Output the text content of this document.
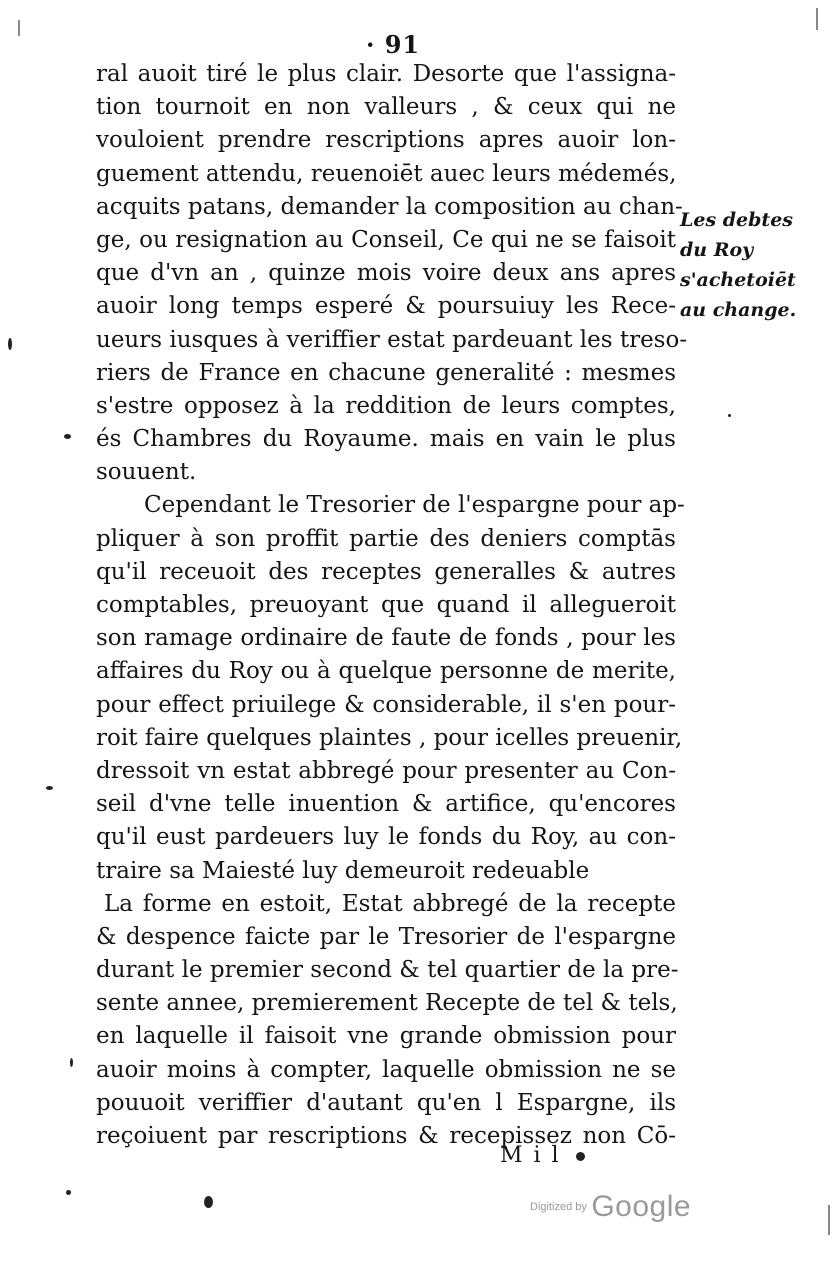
· 91
ral auoit tiré le plus clair. Desorte que l'assigna-
tion tournoit en non valleurs , & ceux qui ne
vouloient prendre rescriptions apres auoir lon-
guement attendu, reuenoiēt auec leurs médemés,
acquits patans, demander la composition au chan-
ge, ou resignation au Conseil, Ce qui ne se faisoit
que d'vn an , quinze mois voire deux ans apres
auoir long temps esperé & poursuiuy les Rece-
ueurs iusques à veriffier estat pardeuant les treso-
riers de France en chacune generalité : mesmes
s'estre opposez à la reddition de leurs comptes,
és Chambres du Royaume. mais en vain le plus
souuent.
Cependant le Tresorier de l'espargne pour ap-
pliquer à son proffit partie des deniers comptās
qu'il receuoit des receptes generalles & autres
comptables, preuoyant que quand il allegueroit
son ramage ordinaire de faute de fonds , pour les
affaires du Roy ou à quelque personne de merite,
pour effect priuilege & considerable, il s'en pour-
roit faire quelques plaintes , pour icelles preuenir,
dressoit vn estat abbregé pour presenter au Con-
seil d'vne telle inuention & artifice, qu'encores
qu'il eust pardeuers luy le fonds du Roy, au con-
traire sa Maiesté luy demeuroit redeuable
La forme en estoit, Estat abbregé de la recepte
& despence faicte par le Tresorier de l'espargne
durant le premier second & tel quartier de la pre-
sente annee, premierement Recepte de tel & tels,
en laquelle il faisoit vne grande obmission pour
auoir moins à compter, laquelle obmission ne se
pouuoit veriffier d'autant qu'en l Espargne, ils
reçoiuent par rescriptions & recepissez non Cō-
Les debtes
du Roy
s'achetoiēt
au change.
M i l
Digitized by Google
